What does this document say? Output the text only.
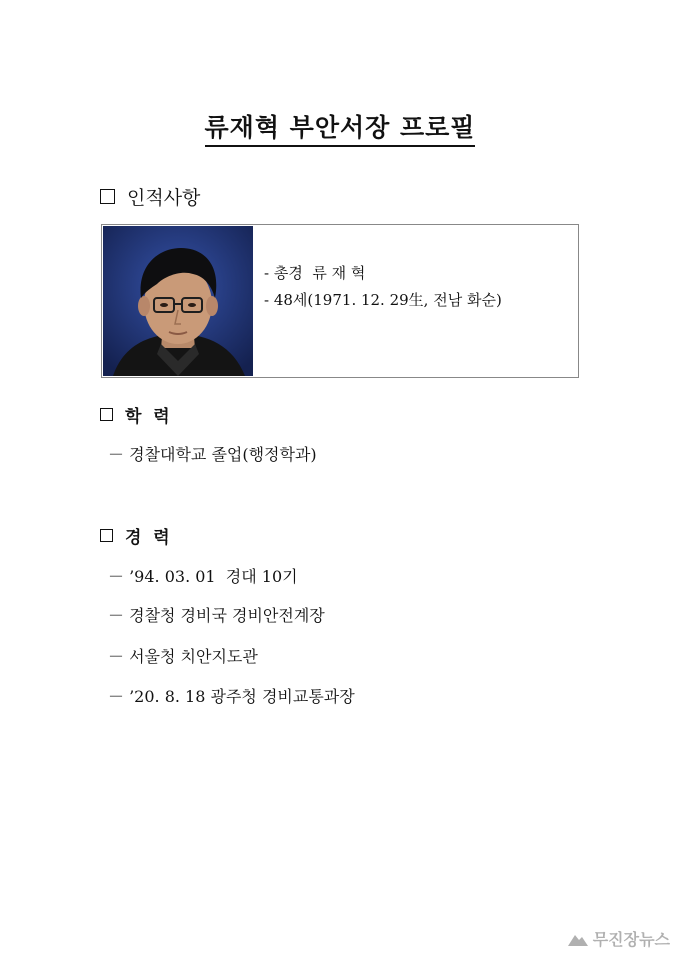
류재혁 부안서장 프로필
인적사항
- 총경  류 재 혁
- 48세(1971. 12. 29生, 전남 화순)
학  력
－ 경찰대학교 졸업(행정학과)
경  력
－ ’94. 03. 01  경대 10기
－ 경찰청 경비국 경비안전계장
－ 서울청 치안지도관
－ ’20. 8. 18 광주청 경비교통과장
무진장뉴스
